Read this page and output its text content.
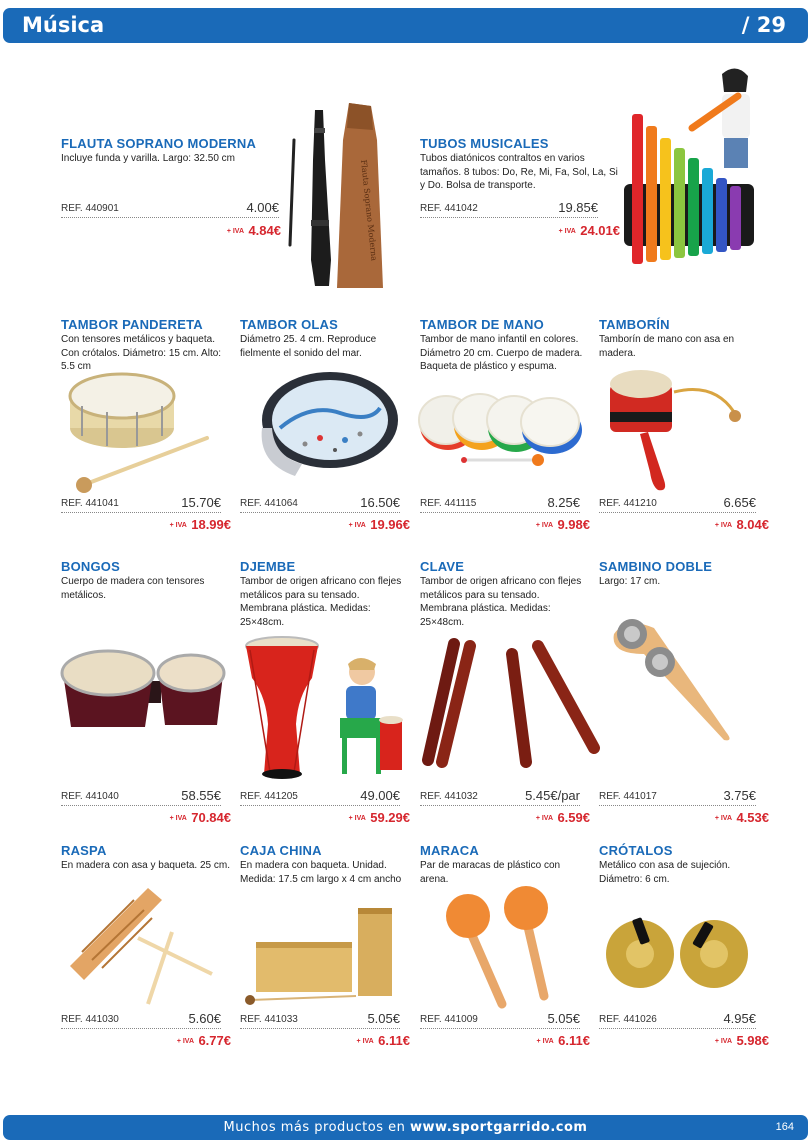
Música	/ 29
FLAUTA SOPRANO MODERNA
Incluye funda y varilla. Largo: 32.50 cm
REF. 440901	4.00€
+ IVA 4.84€	Flauta Soprano Moderna
TUBOS MUSICALES
Tubos diatónicos contraltos en varios tamaños. 8 tubos: Do, Re, Mi, Fa, Sol, La, Si y Do. Bolsa de transporte.
REF. 441042	19.85€
+ IVA 24.01€
TAMBOR PANDERETA
Con tensores metálicos y baqueta. Con crótalos. Diámetro: 15 cm. Alto: 5.5 cm
REF. 441041	15.70€
+ IVA 18.99€
TAMBOR OLAS
Diámetro 25. 4 cm. Reproduce fielmente el sonido del mar.
REF. 441064	16.50€
+ IVA 19.96€
TAMBOR DE MANO
Tambor de mano infantil en colores. Diámetro 20 cm. Cuerpo de madera. Baqueta de plástico y espuma.
REF. 441115	8.25€
+ IVA 9.98€
TAMBORÍN
Tamborín de mano con asa en madera.
REF. 441210	6.65€
+ IVA 8.04€
BONGOS
Cuerpo de madera con tensores metálicos.
REF. 441040	58.55€
+ IVA 70.84€
DJEMBE
Tambor de origen africano con flejes metálicos para su tensado. Membrana plástica. Medidas: 25×48cm.
REF. 441205	49.00€
+ IVA 59.29€
CLAVE
Tambor de origen africano con flejes metálicos para su tensado. Membrana plástica. Medidas: 25×48cm.
REF. 441032	5.45€/par
+ IVA 6.59€
SAMBINO DOBLE
Largo: 17 cm.
REF. 441017	3.75€
+ IVA 4.53€
RASPA
En madera con asa y baqueta. 25 cm.
REF. 441030	5.60€
+ IVA 6.77€
CAJA CHINA
En madera con baqueta. Unidad. Medida: 17.5 cm largo x 4 cm ancho
REF. 441033	5.05€
+ IVA 6.11€
MARACA
Par de maracas de plástico con arena.
REF. 441009	5.05€
+ IVA 6.11€
CRÓTALOS
Metálico con asa de sujeción. Diámetro: 6 cm.
REF. 441026	4.95€
+ IVA 5.98€
Muchos más productos en www.sportgarrido.com	164
